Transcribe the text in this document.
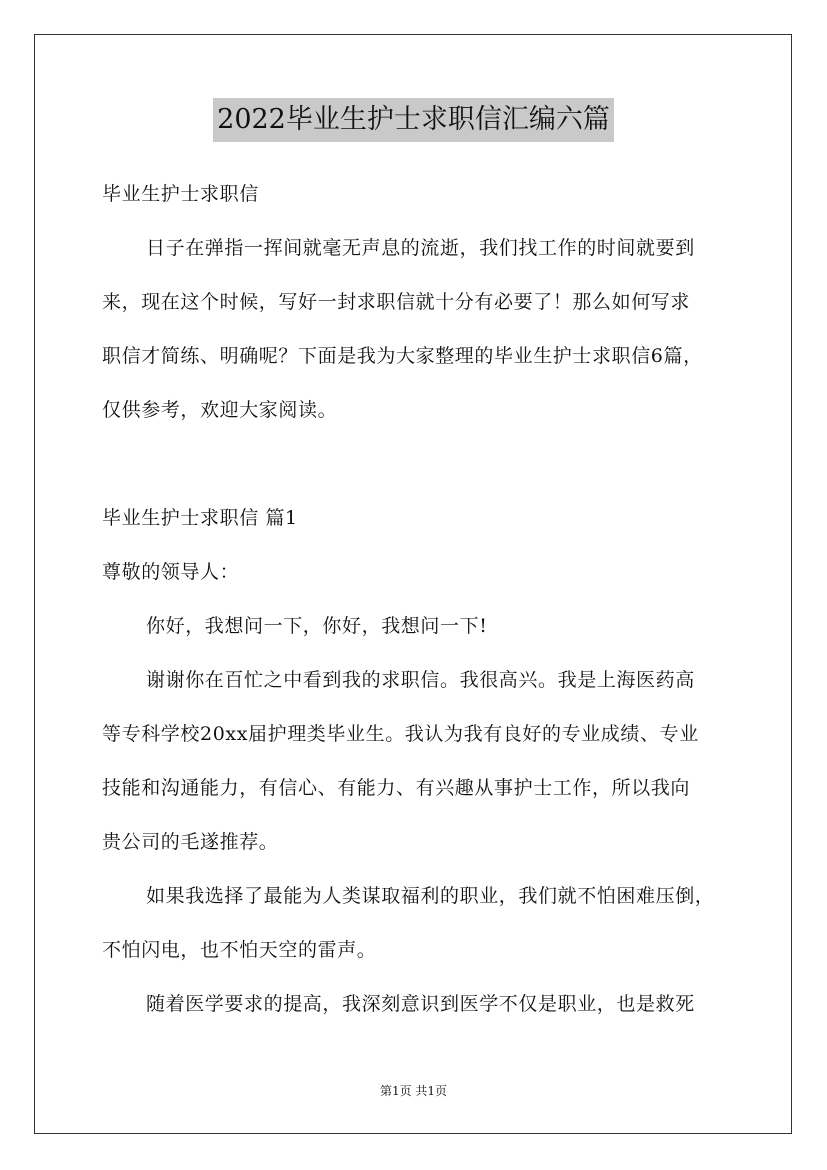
2022毕业生护士求职信汇编六篇
毕业生护士求职信
日子在弹指一挥间就毫无声息的流逝，我们找工作的时间就要到
来，现在这个时候，写好一封求职信就十分有必要了！那么如何写求
职信才简练、明确呢？下面是我为大家整理的毕业生护士求职信6篇，
仅供参考，欢迎大家阅读。
毕业生护士求职信 篇1
尊敬的领导人：
你好，我想问一下，你好，我想问一下!
谢谢你在百忙之中看到我的求职信。我很高兴。我是上海医药高
等专科学校20xx届护理类毕业生。我认为我有良好的专业成绩、专业
技能和沟通能力，有信心、有能力、有兴趣从事护士工作，所以我向
贵公司的毛遂推荐。
如果我选择了最能为人类谋取福利的职业，我们就不怕困难压倒，
不怕闪电，也不怕天空的雷声。
随着医学要求的提高，我深刻意识到医学不仅是职业，也是救死
第1页 共1页
